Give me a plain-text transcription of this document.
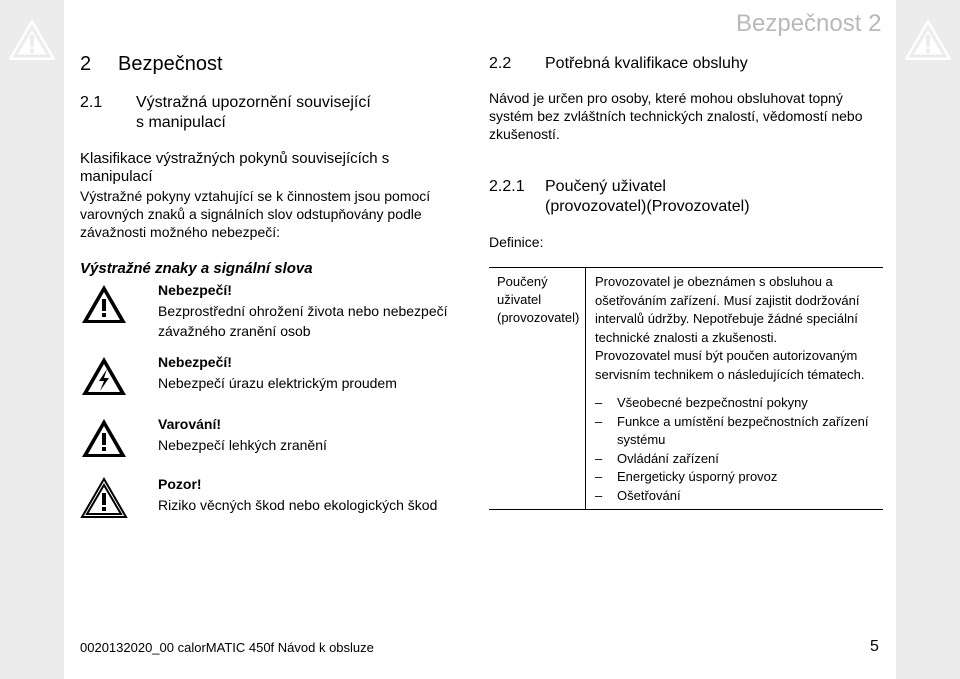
Bezpečnost 2
2 Bezpečnost
2.1 Výstražná upozornění související s manipulací
Klasifikace výstražných pokynů souvisejících s manipulací
Výstražné pokyny vztahující se k činnostem jsou pomocí varovných znaků a signálních slov odstupňovány podle závažnosti možného nebezpečí:
Výstražné znaky a signální slova
Nebezpečí!
Bezprostřední ohrožení života nebo nebezpečí závažného zranění osob
Nebezpečí!
Nebezpečí úrazu elektrickým proudem
Varování!
Nebezpečí lehkých zranění
Pozor!
Riziko věcných škod nebo ekologických škod
2.2 Potřebná kvalifikace obsluhy
Návod je určen pro osoby, které mohou obsluhovat topný systém bez zvláštních technických znalostí, vědomostí nebo zkušeností.
2.2.1 Poučený uživatel (provozovatel)(Provozovatel)
Definice:
Poučený uživatel (provozovatel)

Provozovatel je obeznámen s obsluhou a ošetřováním zařízení. Musí zajistit dodržování intervalů údržby. Nepotřebuje žádné speciální technické znalosti a zkušenosti.

Provozovatel musí být poučen autorizovaným servisním technikem o následujících tématech.

– Všeobecné bezpečnostní pokyny
– Funkce a umístění bezpečnostních zařízení systému
– Ovládání zařízení
– Energeticky úsporný provoz
– Ošetřování
0020132020_00 calorMATIC 450f Návod k obsluze	5
